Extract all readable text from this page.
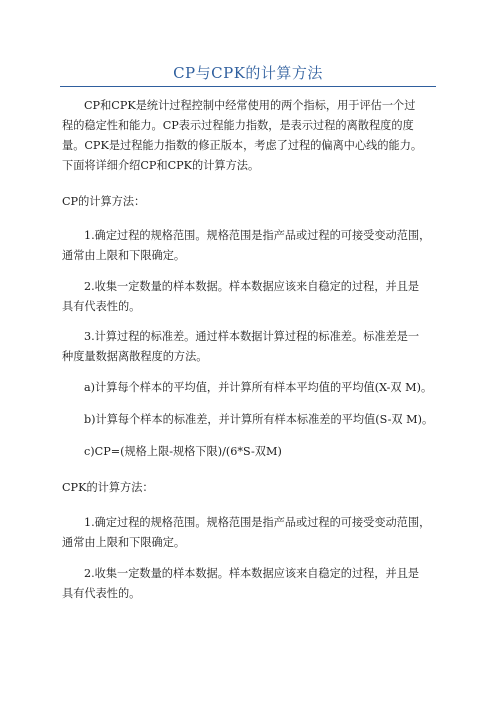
CP与CPK的计算方法
CP和CPK是统计过程控制中经常使用的两个指标，用于评估一个过
程的稳定性和能力。CP表示过程能力指数，是表示过程的离散程度的度
量。CPK是过程能力指数的修正版本，考虑了过程的偏离中心线的能力。
下面将详细介绍CP和CPK的计算方法。
CP的计算方法：
1.确定过程的规格范围。规格范围是指产品或过程的可接受变动范围，
通常由上限和下限确定。
2.收集一定数量的样本数据。样本数据应该来自稳定的过程，并且是
具有代表性的。
3.计算过程的标准差。通过样本数据计算过程的标准差。标准差是一
种度量数据离散程度的方法。
a)计算每个样本的平均值，并计算所有样本平均值的平均值(X-双 M)。
b)计算每个样本的标准差，并计算所有样本标准差的平均值(S-双 M)。
c)CP=(规格上限-规格下限)/(6*S-双M)
CPK的计算方法：
1.确定过程的规格范围。规格范围是指产品或过程的可接受变动范围，
通常由上限和下限确定。
2.收集一定数量的样本数据。样本数据应该来自稳定的过程，并且是
具有代表性的。
